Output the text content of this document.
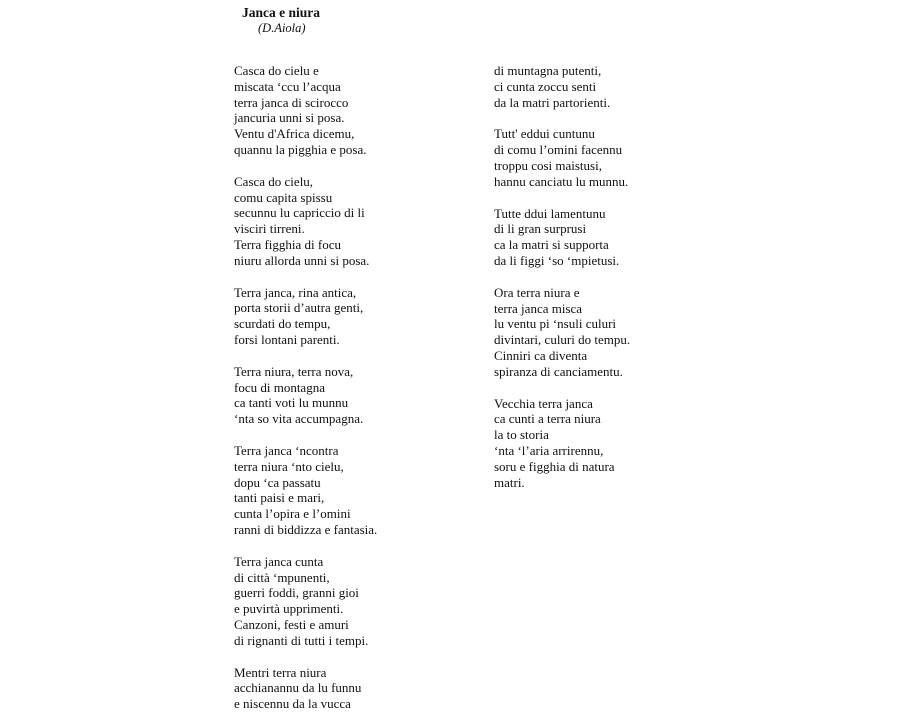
Janca e niura
(D.Aiola)
Casca do cielu e
miscata ‘ccu l’acqua
terra janca di scirocco
jancuria unni si posa.
Ventu d'Africa dicemu,
quannu la pigghia e posa.
Casca do cielu,
comu capita spissu
secunnu lu capriccio di li
visciri tirreni.
Terra figghia di focu
niuru allorda unni si posa.
Terra janca, rina antica,
porta storii d’autra genti,
scurdati do tempu,
forsi lontani parenti.
Terra niura, terra nova,
focu di montagna
ca tanti voti lu munnu
‘nta so vita accumpagna.
Terra janca ‘ncontra
terra niura ‘nto cielu,
dopu ‘ca passatu
tanti paisi e mari,
cunta l’opira e l’omini
ranni di biddizza e fantasia.
Terra janca cunta
di città ‘mpunenti,
guerri foddi, granni gioi
e puvirtà upprimenti.
Canzoni, festi e amuri
di rignanti di tutti i tempi.
Mentri terra niura
acchianannu da lu funnu
e niscennu da la vucca
di muntagna putenti,
ci cunta zoccu senti
da la matri partorienti.
Tutt' eddui cuntunu
di comu l’omini facennu
troppu cosi maistusi,
hannu canciatu lu munnu.
Tutte ddui lamentunu
di li gran surprusi
ca la matri si supporta
da li figgi ‘so ‘mpietusi.
Ora terra niura e
terra janca misca
lu ventu pi ‘nsuli culuri
divintari, culuri do tempu.
Cinniri ca diventa
spiranza di canciamentu.
Vecchia terra janca
ca cunti a terra niura
la to storia
‘nta ‘l’aria arrirennu,
soru e figghia di natura
matri.
